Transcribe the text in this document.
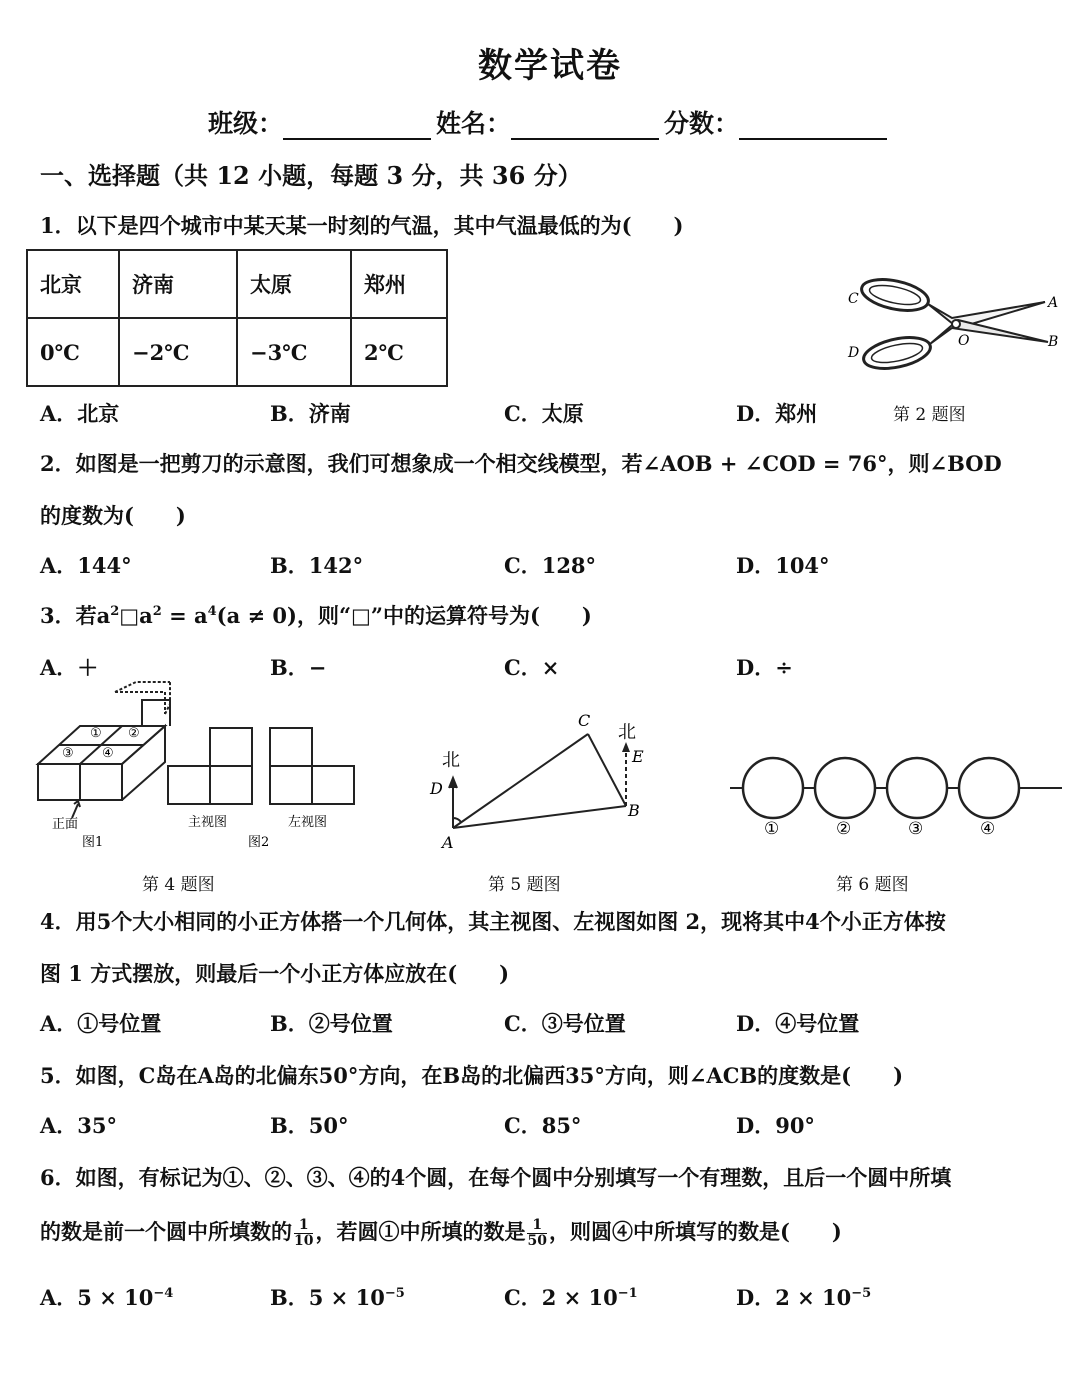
数学试卷
班级：	姓名：	分数：
一、选择题（共 12 小题，每题 3 分，共 36 分）
1．以下是四个城市中某天某一时刻的气温，其中气温最低的为(　　)
北京	济南	太原	郑州
0℃	−2℃	−3℃	2℃
C
D
A
B
O
A．北京	B．济南	C．太原	D．郑州	第 2 题图
2．如图是一把剪刀的示意图，我们可想象成一个相交线模型，若∠AOB + ∠COD = 76°，则∠BOD
的度数为(　　)
A．144°	B．142°	C．128°	D．104°
3．若$a^2□a^2 = a^4(a \ne 0)$，则“□”中的运算符号为(　　)
A．＋	B．−	C．×	D．÷
① ②
③ ④
正面
图1
主视图	左视图
图2
北
北
D
A
C
B
E
①	②	③	④
第 4 题图	第 5 题图	第 6 题图
4．用5个大小相同的小正方体搭一个几何体，其主视图、左视图如图 2，现将其中4个小正方体按
图 1 方式摆放，则最后一个小正方体应放在(　　)
A．①号位置	B．②号位置	C．③号位置	D．④号位置
5．如图，C岛在A岛的北偏东50°方向，在B岛的北偏西35°方向，则∠ACB的度数是(　　)
A．35°	B．50°	C．85°	D．90°
6．如图，有标记为①、②、③、④的4个圆，在每个圆中分别填写一个有理数，且后一个圆中所填
的数是前一个圆中所填数的 $\frac{1}{10}$ ，若圆①中所填的数是 $\frac{1}{50}$ ，则圆④中所填写的数是(　　)
A．$5 \times 10^{-4}$	B．$5 \times 10^{-5}$	C．$2 \times 10^{-1}$	D．$2 \times 10^{-5}$
